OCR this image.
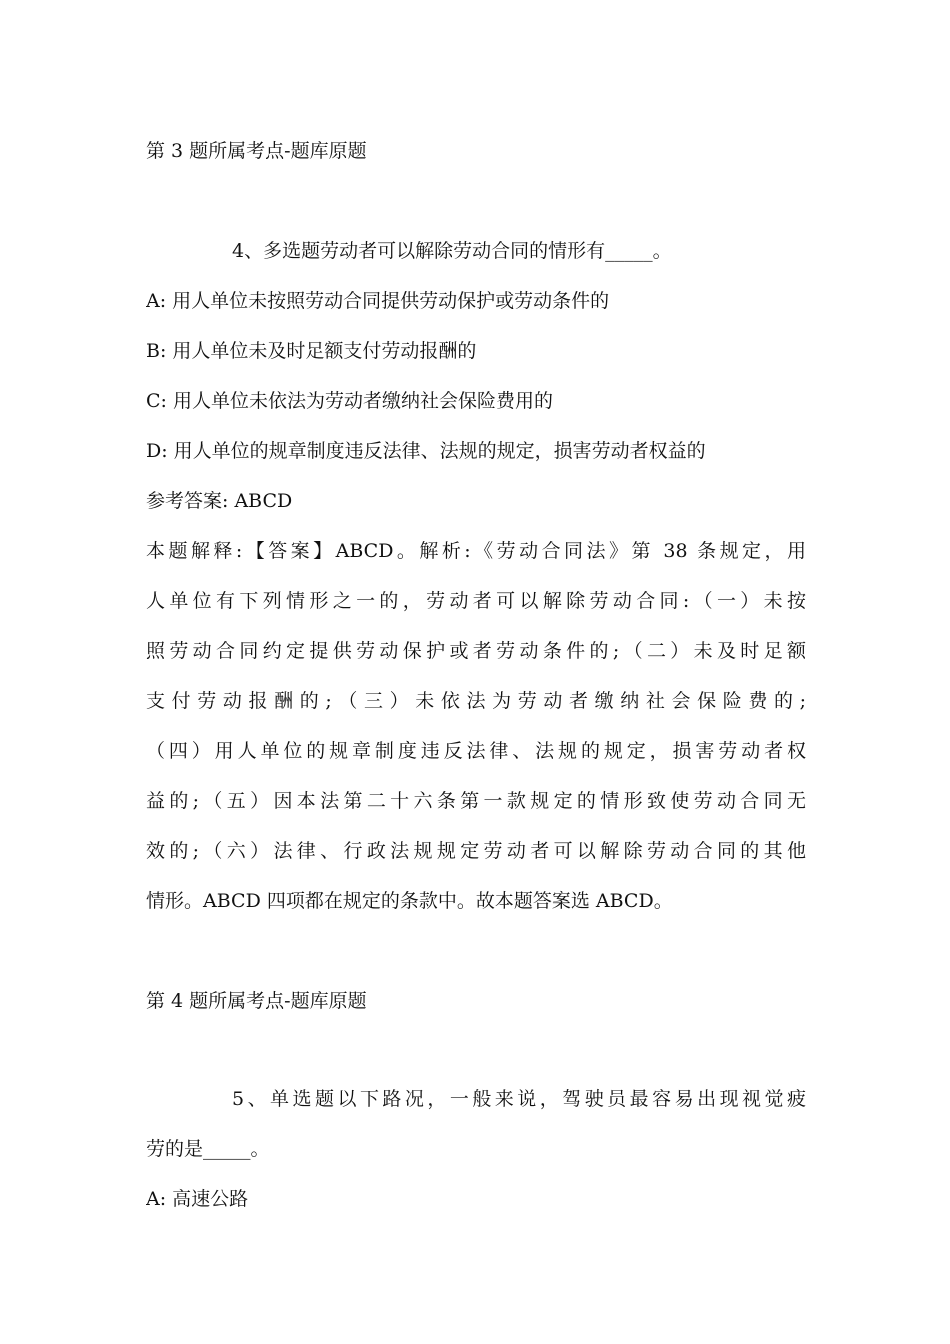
第 3 题所属考点-题库原题
4、多选题劳动者可以解除劳动合同的情形有_____。
A: 用人单位未按照劳动合同提供劳动保护或劳动条件的
B: 用人单位未及时足额支付劳动报酬的
C: 用人单位未依法为劳动者缴纳社会保险费用的
D: 用人单位的规章制度违反法律、法规的规定，损害劳动者权益的
参考答案: ABCD
本题解释:【答案】ABCD。解析:《劳动合同法》第 38 条规定，用
人单位有下列情形之一的，劳动者可以解除劳动合同:（一）未按
照劳动合同约定提供劳动保护或者劳动条件的;（二）未及时足额
支付劳动报酬的;（三）未依法为劳动者缴纳社会保险费的;
（四）用人单位的规章制度违反法律、法规的规定，损害劳动者权
益的;（五）因本法第二十六条第一款规定的情形致使劳动合同无
效的;（六）法律、行政法规规定劳动者可以解除劳动合同的其他
情形。ABCD 四项都在规定的条款中。故本题答案选 ABCD。
第 4 题所属考点-题库原题
5、单选题以下路况，一般来说，驾驶员最容易出现视觉疲
劳的是_____。
A: 高速公路
